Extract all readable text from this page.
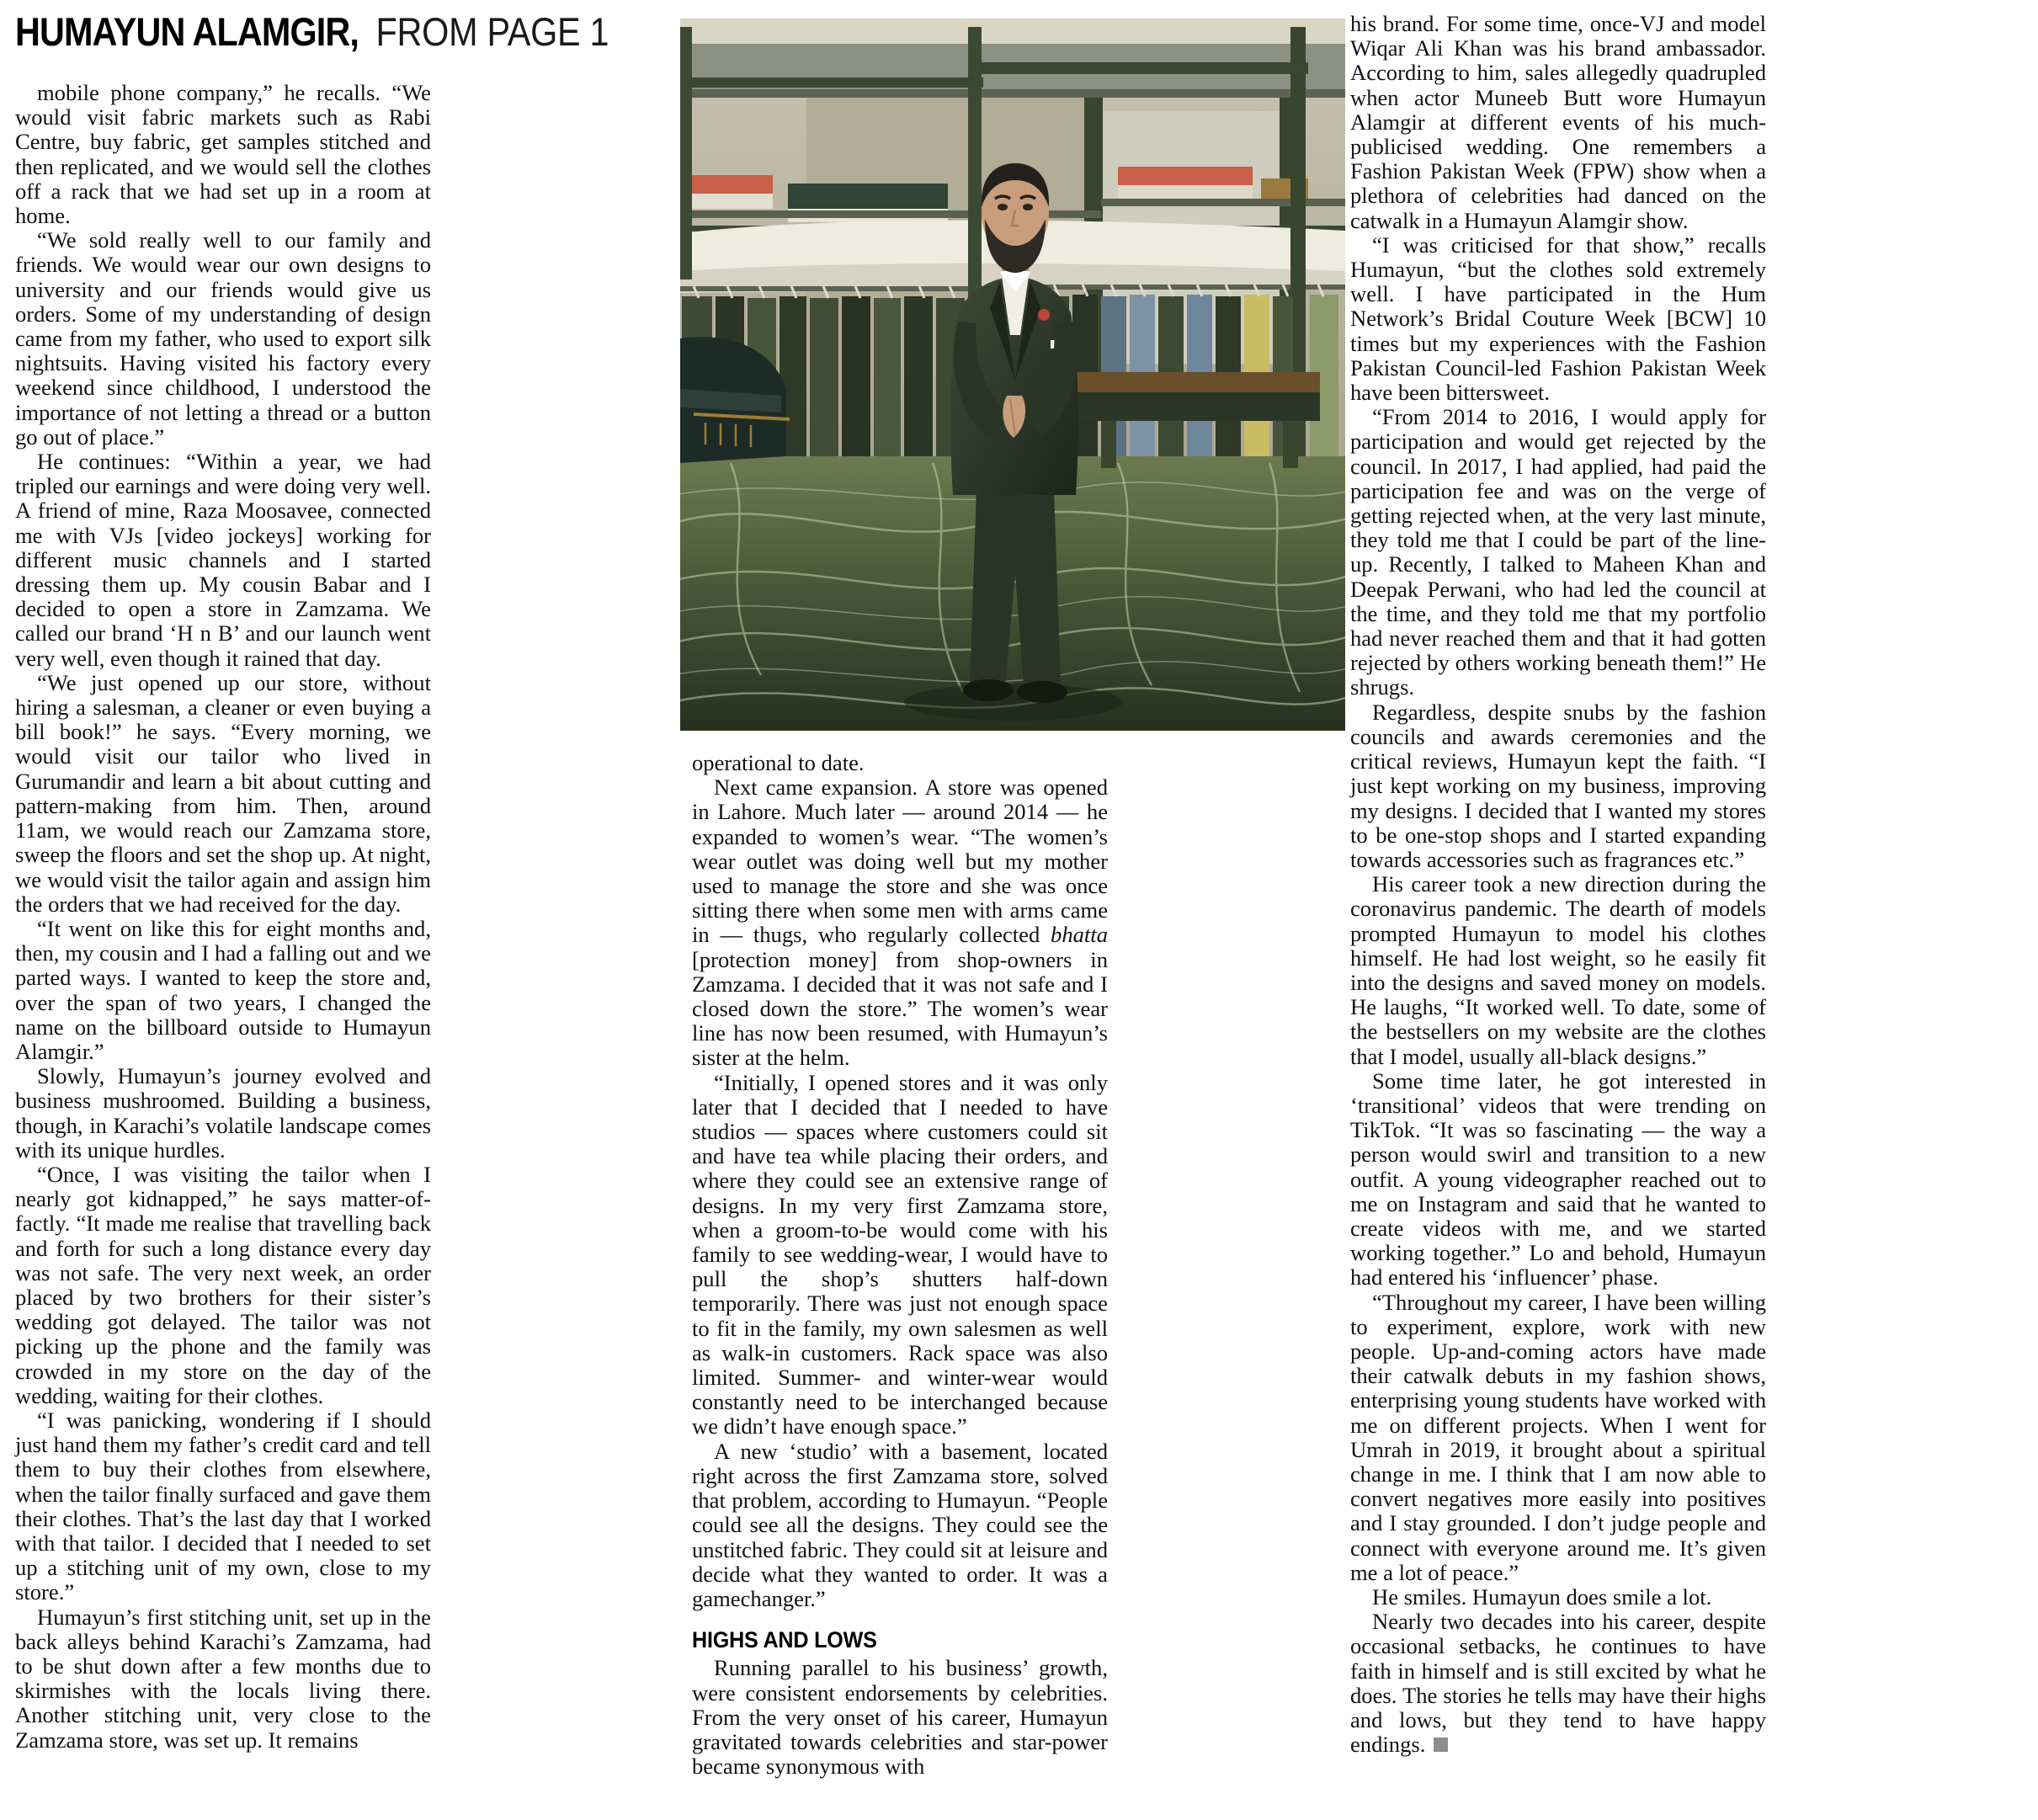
HUMAYUN ALAMGIR, FROM PAGE 1

mobile phone company,” he recalls. “We would visit fabric markets such as Rabi Centre, buy fabric, get samples stitched and then replicated, and we would sell the clothes off a rack that we had set up in a room at home.

“We sold really well to our family and friends. We would wear our own designs to university and our friends would give us orders. Some of my understanding of design came from my father, who used to export silk nightsuits. Having visited his factory every weekend since childhood, I understood the importance of not letting a thread or a button go out of place.”

He continues: “Within a year, we had tripled our earnings and were doing very well. A friend of mine, Raza Moosavee, connected me with VJs [video jockeys] working for different music channels and I started dressing them up. My cousin Babar and I decided to open a store in Zamzama. We called our brand ‘H n B’ and our launch went very well, even though it rained that day.

“We just opened up our store, without hiring a salesman, a cleaner or even buying a bill book!” he says. “Every morning, we would visit our tailor who lived in Gurumandir and learn a bit about cutting and pattern-making from him. Then, around 11am, we would reach our Zamzama store, sweep the floors and set the shop up. At night, we would visit the tailor again and assign him the orders that we had received for the day.

“It went on like this for eight months and, then, my cousin and I had a falling out and we parted ways. I wanted to keep the store and, over the span of two years, I changed the name on the billboard outside to Humayun Alamgir.”

Slowly, Humayun’s journey evolved and business mushroomed. Building a business, though, in Karachi’s volatile landscape comes with its unique hurdles.

“Once, I was visiting the tailor when I nearly got kidnapped,” he says matter-of-factly. “It made me realise that travelling back and forth for such a long distance every day was not safe. The very next week, an order placed by two brothers for their sister’s wedding got delayed. The tailor was not picking up the phone and the family was crowded in my store on the day of the wedding, waiting for their clothes.

“I was panicking, wondering if I should just hand them my father’s credit card and tell them to buy their clothes from elsewhere, when the tailor finally surfaced and gave them their clothes. That’s the last day that I worked with that tailor. I decided that I needed to set up a stitching unit of my own, close to my store.”

Humayun’s first stitching unit, set up in the back alleys behind Karachi’s Zamzama, had to be shut down after a few months due to skirmishes with the locals living there. Another stitching unit, very close to the Zamzama store, was set up. It remains

operational to date.

Next came expansion. A store was opened in Lahore. Much later — around 2014 — he expanded to women’s wear. “The women’s wear outlet was doing well but my mother used to manage the store and she was once sitting there when some men with arms came in — thugs, who regularly collected bhatta [protection money] from shop-owners in Zamzama. I decided that it was not safe and I closed down the store.” The women’s wear line has now been resumed, with Humayun’s sister at the helm.

“Initially, I opened stores and it was only later that I decided that I needed to have studios — spaces where customers could sit and have tea while placing their orders, and where they could see an extensive range of designs. In my very first Zamzama store, when a groom-to-be would come with his family to see wedding-wear, I would have to pull the shop’s shutters half-down temporarily. There was just not enough space to fit in the family, my own salesmen as well as walk-in customers. Rack space was also limited. Summer- and winter-wear would constantly need to be interchanged because we didn’t have enough space.”

A new ‘studio’ with a basement, located right across the first Zamzama store, solved that problem, according to Humayun. “People could see all the designs. They could see the unstitched fabric. They could sit at leisure and decide what they wanted to order. It was a gamechanger.”

HIGHS AND LOWS

Running parallel to his business’ growth, were consistent endorsements by celebrities. From the very onset of his career, Humayun gravitated towards celebrities and star-power became synonymous with

his brand. For some time, once-VJ and model Wiqar Ali Khan was his brand ambassador. According to him, sales allegedly quadrupled when actor Muneeb Butt wore Humayun Alamgir at different events of his much-publicised wedding. One remembers a Fashion Pakistan Week (FPW) show when a plethora of celebrities had danced on the catwalk in a Humayun Alamgir show.

“I was criticised for that show,” recalls Humayun, “but the clothes sold extremely well. I have participated in the Hum Network’s Bridal Couture Week [BCW] 10 times but my experiences with the Fashion Pakistan Council-led Fashion Pakistan Week have been bittersweet.

“From 2014 to 2016, I would apply for participation and would get rejected by the council. In 2017, I had applied, had paid the participation fee and was on the verge of getting rejected when, at the very last minute, they told me that I could be part of the line-up. Recently, I talked to Maheen Khan and Deepak Perwani, who had led the council at the time, and they told me that my portfolio had never reached them and that it had gotten rejected by others working beneath them!” He shrugs.

Regardless, despite snubs by the fashion councils and awards ceremonies and the critical reviews, Humayun kept the faith. “I just kept working on my business, improving my designs. I decided that I wanted my stores to be one-stop shops and I started expanding towards accessories such as fragrances etc.”

His career took a new direction during the coronavirus pandemic. The dearth of models prompted Humayun to model his clothes himself. He had lost weight, so he easily fit into the designs and saved money on models. He laughs, “It worked well. To date, some of the bestsellers on my website are the clothes that I model, usually all-black designs.”

Some time later, he got interested in ‘transitional’ videos that were trending on TikTok. “It was so fascinating — the way a person would swirl and transition to a new outfit. A young videographer reached out to me on Instagram and said that he wanted to create videos with me, and we started working together.” Lo and behold, Humayun had entered his ‘influencer’ phase.

“Throughout my career, I have been willing to experiment, explore, work with new people. Up-and-coming actors have made their catwalk debuts in my fashion shows, enterprising young students have worked with me on different projects. When I went for Umrah in 2019, it brought about a spiritual change in me. I think that I am now able to convert negatives more easily into positives and I stay grounded. I don’t judge people and connect with everyone around me. It’s given me a lot of peace.”

He smiles. Humayun does smile a lot.

Nearly two decades into his career, despite occasional setbacks, he continues to have faith in himself and is still excited by what he does. The stories he tells may have their highs and lows, but they tend to have happy endings.
